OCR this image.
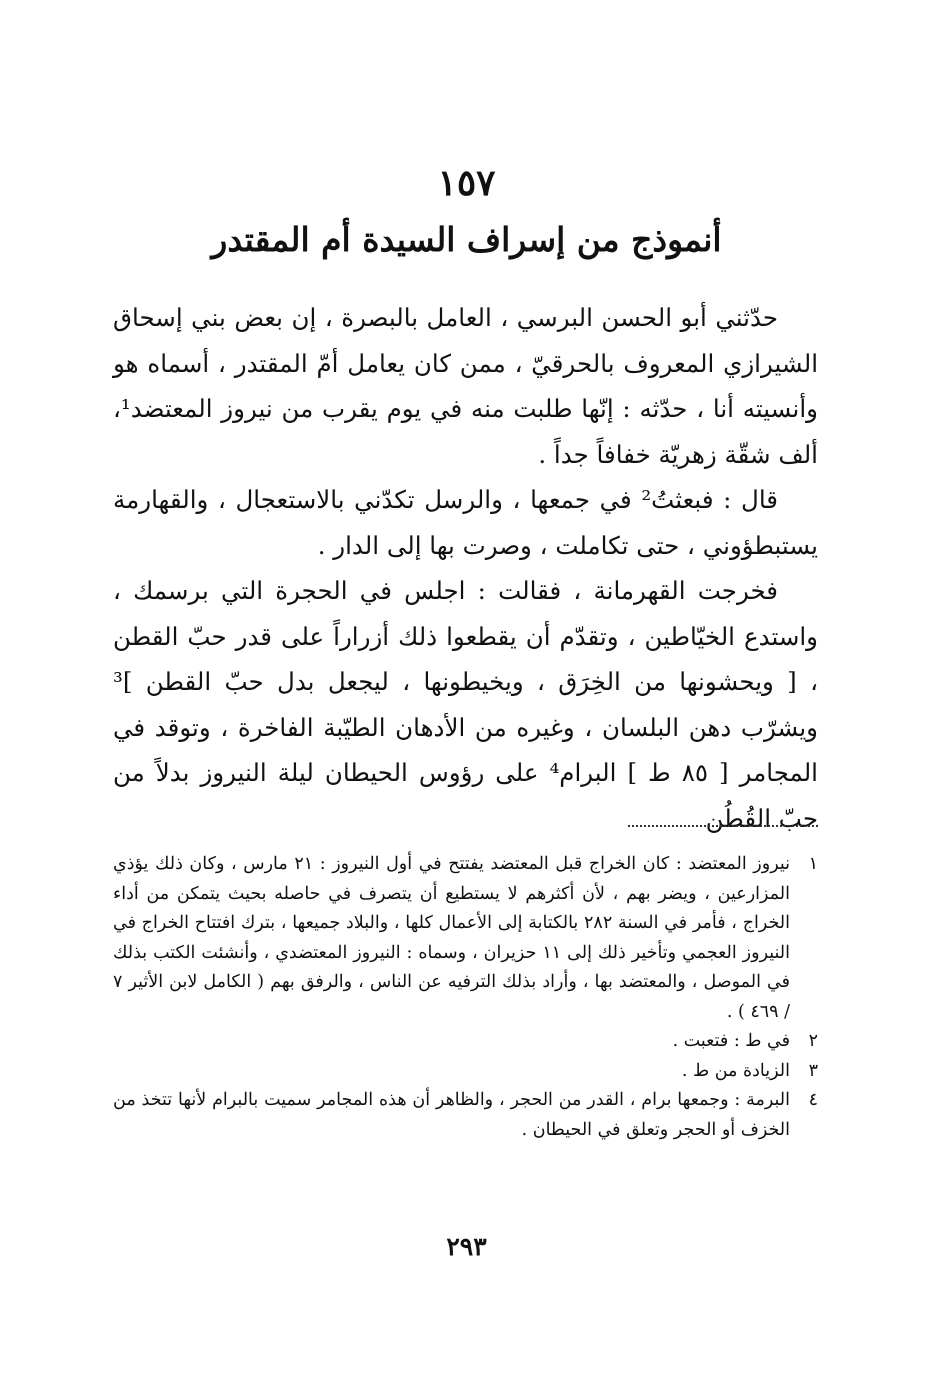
١٥٧
أنموذج من إسراف السيدة أم المقتدر

حدّثني أبو الحسن البرسي ، العامل بالبصرة ، إن بعض بني إسحاق الشيرازي المعروف بالحرقيّ ، ممن كان يعامل أمّ المقتدر ، أسماه هو وأنسيته أنا ، حدّثه : إنّها طلبت منه في يوم يقرب من نيروز المعتضد¹، ألف شقّة زهريّة خفافاً جداً .

قال : فبعثتُ² في جمعها ، والرسل تكدّني بالاستعجال ، والقهارمة يستبطؤوني ، حتى تكاملت ، وصرت بها إلى الدار .

فخرجت القهرمانة ، فقالت : اجلس في الحجرة التي برسمك ، واستدع الخيّاطين ، وتقدّم أن يقطعوا ذلك أزراراً على قدر حبّ القطن ، [ ويحشونها من الخِرَق ، ويخيطونها ، ليجعل بدل حبّ القطن ]³ ويشرّب دهن البلسان ، وغيره من الأدهان الطيّبة الفاخرة ، وتوقد في المجامر [ ٨٥ ط ] البرام⁴ على رؤوس الحيطان ليلة النيروز بدلاً من حبّ القُطُن

١
نيروز المعتضد : كان الخراج قبل المعتضد يفتتح في أول النيروز : ٢١ مارس ، وكان ذلك يؤذي المزارعين ، ويضر بهم ، لأن أكثرهم لا يستطيع أن يتصرف في حاصله بحيث يتمكن من أداء الخراج ، فأمر في السنة ٢٨٢ بالكتابة إلى الأعمال كلها ، والبلاد جميعها ، بترك افتتاح الخراج في النيروز العجمي وتأخير ذلك إلى ١١ حزيران ، وسماه : النيروز المعتضدي ، وأنشئت الكتب بذلك في الموصل ، والمعتضد بها ، وأراد بذلك الترفيه عن الناس ، والرفق بهم ( الكامل لابن الأثير ٧ / ٤٦٩ ) .
٢
في ط : فتعبت .
٣
الزيادة من ط .
٤
البرمة : وجمعها برام ، القدر من الحجر ، والظاهر أن هذه المجامر سميت بالبرام لأنها تتخذ من الخزف أو الحجر وتعلق في الحيطان .
٢٩٣
